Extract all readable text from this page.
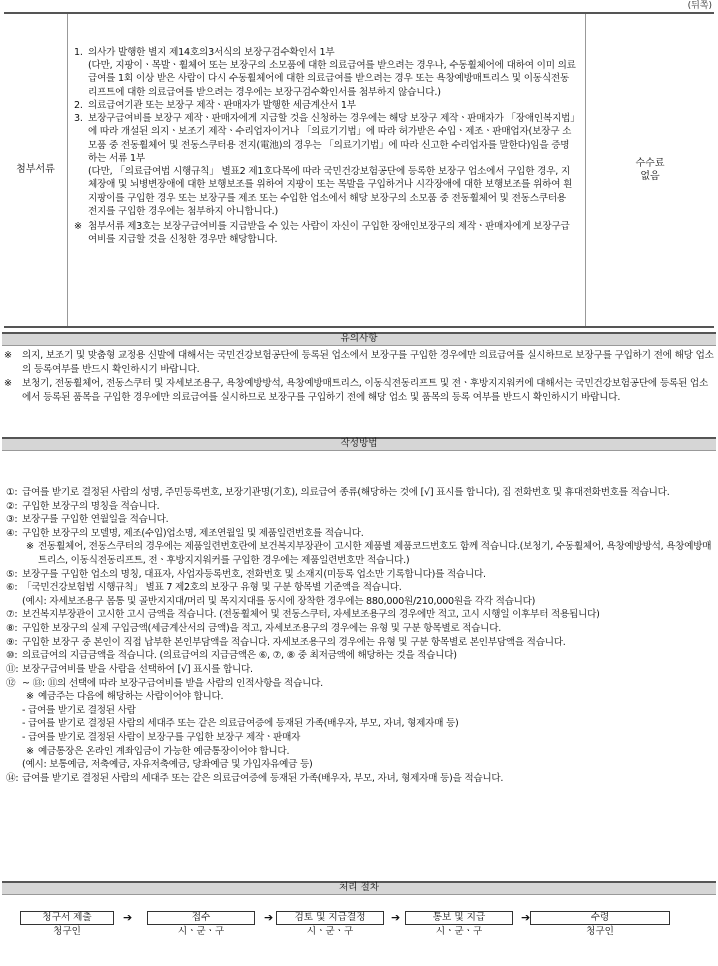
(뒤쪽)
첨부서류
1. 의사가 발행한 별지 제14호의3서식의 보장구검수확인서 1부
(다만, 지팡이ㆍ목발ㆍ휠체어 또는 보장구의 소모품에 대한 의료급여를 받으려는 경우나, 수동휠체어에 대하여 이미 의료급여를 1회 이상 받은 사람이 다시 수동휠체어에 대한 의료급여를 받으려는 경우 또는 욕창예방매트리스 및 이동식전동리프트에 대한 의료급여를 받으려는 경우에는 보장구검수확인서를 첨부하지 않습니다.)
2. 의료급여기관 또는 보장구 제작ㆍ판매자가 발행한 세금계산서 1부
3. 보장구급여비를 보장구 제작ㆍ판매자에게 지급할 것을 신청하는 경우에는 해당 보장구 제작ㆍ판매자가 「장애인복지법」에 따라 개설된 의지ㆍ보조기 제작ㆍ수리업자이거나 「의료기기법」에 따라 허가받은 수입ㆍ제조ㆍ판매업자(보장구 소모품 중 전동휠체어 및 전동스쿠터용 전지(電池)의 경우는 「의료기기법」에 따라 신고한 수리업자를 말한다)임을 증명하는 서류 1부
(다만, 「의료급여법 시행규칙」 별표2 제1호다목에 따라 국민건강보험공단에 등록한 보장구 업소에서 구입한 경우, 지체장애 및 뇌병변장애에 대한 보행보조를 위하여 지팡이 또는 목발을 구입하거나 시각장애에 대한 보행보조를 위하여 흰지팡이를 구입한 경우 또는 보장구를 제조 또는 수입한 업소에서 해당 보장구의 소모품 중 전동휠체어 및 전동스쿠터용 전지를 구입한 경우에는 첨부하지 아니합니다.)
※ 첨부서류 제3호는 보장구급여비를 지급받을 수 있는 사람이 자신이 구입한 장애인보장구의 제작ㆍ판매자에게 보장구급여비를 지급할 것을 신청한 경우만 해당합니다.
수수료
없음
유의사항
※	의지, 보조기 및 맞춤형 교정용 신발에 대해서는 국민건강보험공단에 등록된 업소에서 보장구를 구입한 경우에만 의료급여를 실시하므로 보장구를 구입하기 전에 해당 업소의 등록여부를 반드시 확인하시기 바랍니다.
※	보청기, 전동휠체어, 전동스쿠터 및 자세보조용구, 욕창예방방석, 욕창예방매트리스, 이동식전동리프트 및 전ㆍ후방지지워커에 대해서는 국민건강보험공단에 등록된 업소에서 등록된 품목을 구입한 경우에만 의료급여를 실시하므로 보장구를 구입하기 전에 해당 업소 및 품목의 등록 여부를 반드시 확인하시기 바랍니다.
작성방법
①: 급여를 받기로 결정된 사람의 성명, 주민등록번호, 보장기관명(기호), 의료급여 종류(해당하는 것에 [√] 표시를 합니다), 집 전화번호 및 휴대전화번호를 적습니다.
②: 구입한 보장구의 명칭을 적습니다.
③: 보장구를 구입한 연월일을 적습니다.
④: 구입한 보장구의 모델명, 제조(수입)업소명, 제조연월일 및 제품일련번호를 적습니다.
※ 전동휠체어, 전동스쿠터의 경우에는 제품일련번호란에 보건복지부장관이 고시한 제품별 제품코드번호도 함께 적습니다.(보청기, 수동휠체어, 욕창예방방석, 욕창예방매트리스, 이동식전동리프트, 전ㆍ후방지지워커를 구입한 경우에는 제품일련번호만 적습니다.)
⑤: 보장구를 구입한 업소의 명칭, 대표자, 사업자등록번호, 전화번호 및 소재지(미등록 업소만 기록합니다)를 적습니다.
⑥: 「국민건강보험법 시행규칙」 별표 7 제2호의 보장구 유형 및 구분 항목별 기준액을 적습니다.
(예시: 자세보조용구 몸통 및 골반지지대/머리 및 목지지대를 동시에 장착한 경우에는 880,000원/210,000원을 각각 적습니다)
⑦: 보건복지부장관이 고시한 고시 금액을 적습니다. (전동휠체어 및 전동스쿠터, 자세보조용구의 경우에만 적고, 고시 시행일 이후부터 적용됩니다)
⑧: 구입한 보장구의 실제 구입금액(세금계산서의 금액)을 적고, 자세보조용구의 경우에는 유형 및 구분 항목별로 적습니다.
⑨: 구입한 보장구 중 본인이 직접 납부한 본인부담액을 적습니다. 자세보조용구의 경우에는 유형 및 구분 항목별로 본인부담액을 적습니다.
⑩: 의료급여의 지급금액을 적습니다. (의료급여의 지급금액은 ⑥, ⑦, ⑧ 중 최저금액에 해당하는 것을 적습니다)
⑪: 보장구급여비를 받을 사람을 선택하여 [√] 표시를 합니다.
⑫ ~ ⑬: ⑪의 선택에 따라 보장구급여비를 받을 사람의 인적사항을 적습니다.
※ 예금주는 다음에 해당하는 사람이어야 합니다.
- 급여를 받기로 결정된 사람
- 급여를 받기로 결정된 사람의 세대주 또는 같은 의료급여증에 등재된 가족(배우자, 부모, 자녀, 형제자매 등)
- 급여를 받기로 결정된 사람이 보장구를 구입한 보장구 제작ㆍ판매자
※ 예금통장은 온라인 계좌입금이 가능한 예금통장이어야 합니다.
(예시: 보통예금, 저축예금, 자유저축예금, 당좌예금 및 가입자유예금 등)
⑭: 급여를 받기로 결정된 사람의 세대주 또는 같은 의료급여증에 등재된 가족(배우자, 부모, 자녀, 형제자매 등)을 적습니다.
처리 절차
청구서 제출
청구인
➔	접수
시ㆍ군ㆍ구
➔	검토 및 지급결정
시ㆍ군ㆍ구
➔	통보 및 지급
시ㆍ군ㆍ구
➔	수령
청구인
